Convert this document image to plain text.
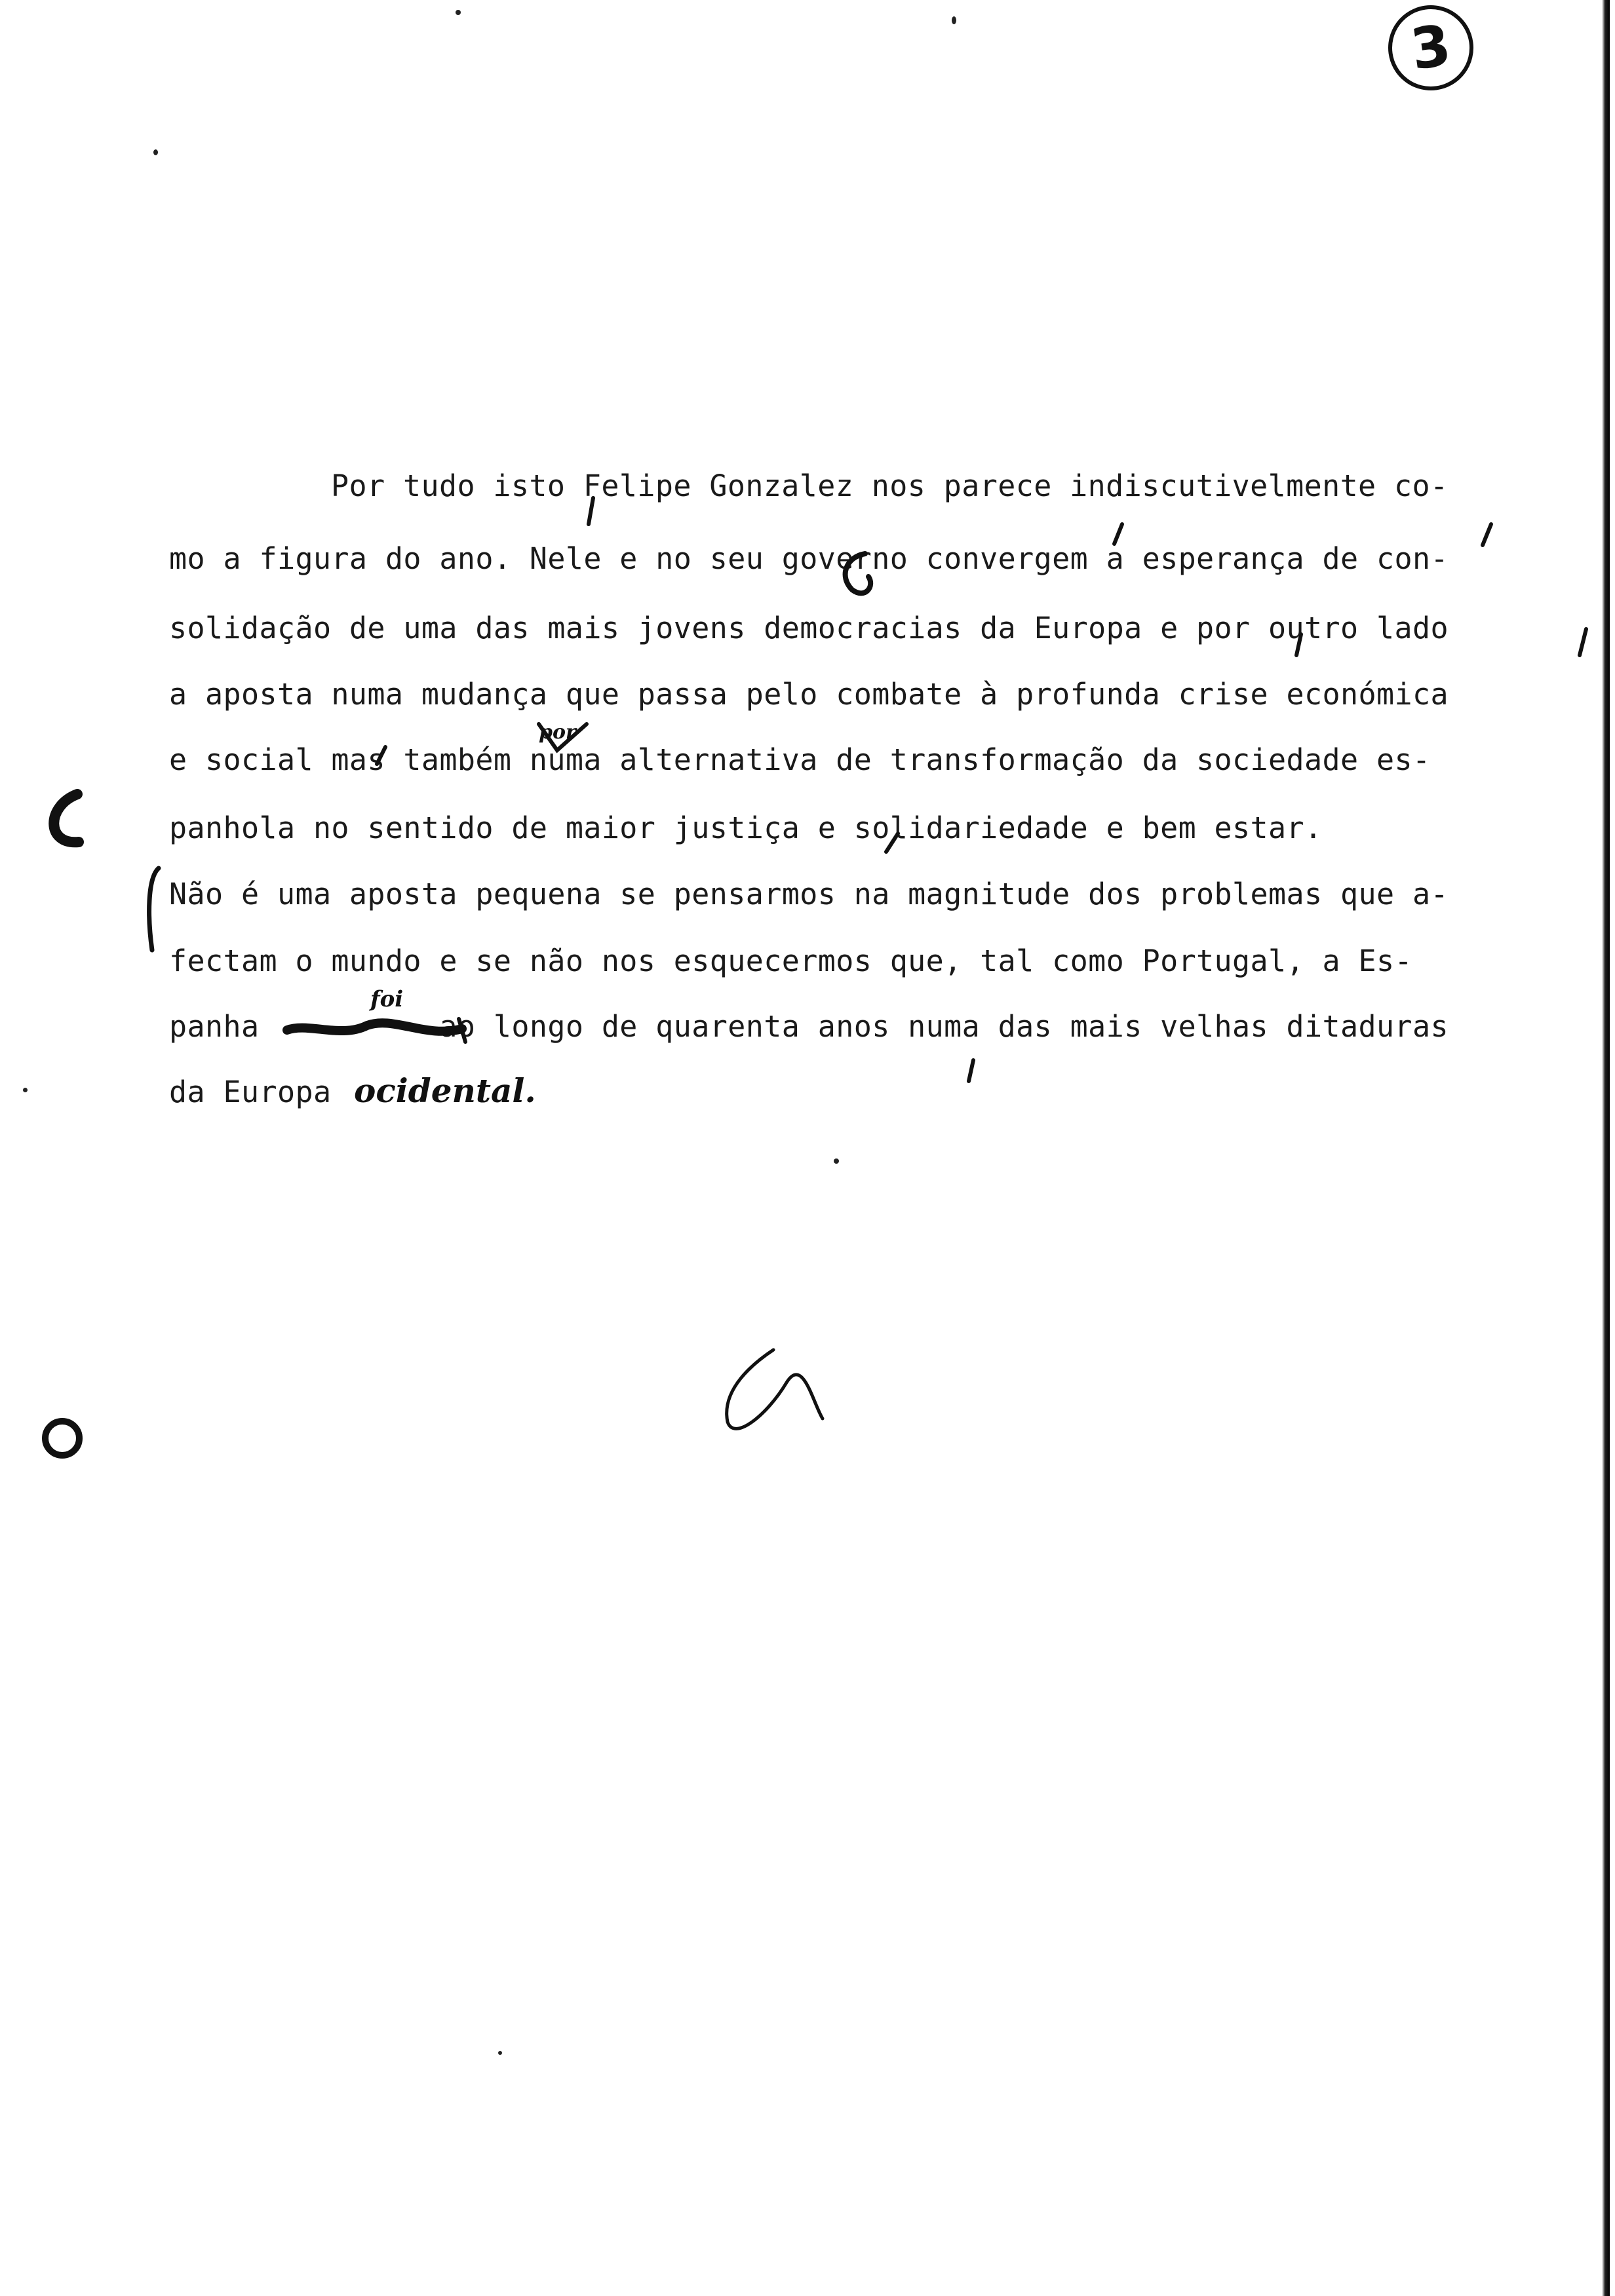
3
Por tudo isto Felipe Gonzalez nos parece indiscutivelmente co-
mo a figura do ano. Nele e no seu governo convergem a esperança de con-
solidação de uma das mais jovens democracias da Europa e por outro lado
a aposta numa mudança que passa pelo combate à profunda crise económica
e social mas também numa alternativa de transformação da sociedade es-
panhola no sentido de maior justiça e solidariedade e bem estar.
Não é uma aposta pequena se pensarmos na magnitude dos problemas que a-
fectam o mundo e se não nos esquecermos que, tal como Portugal, a Es-
panha          ao longo de quarenta anos numa das mais velhas ditaduras
da Europa
por
foi
ocidental.
